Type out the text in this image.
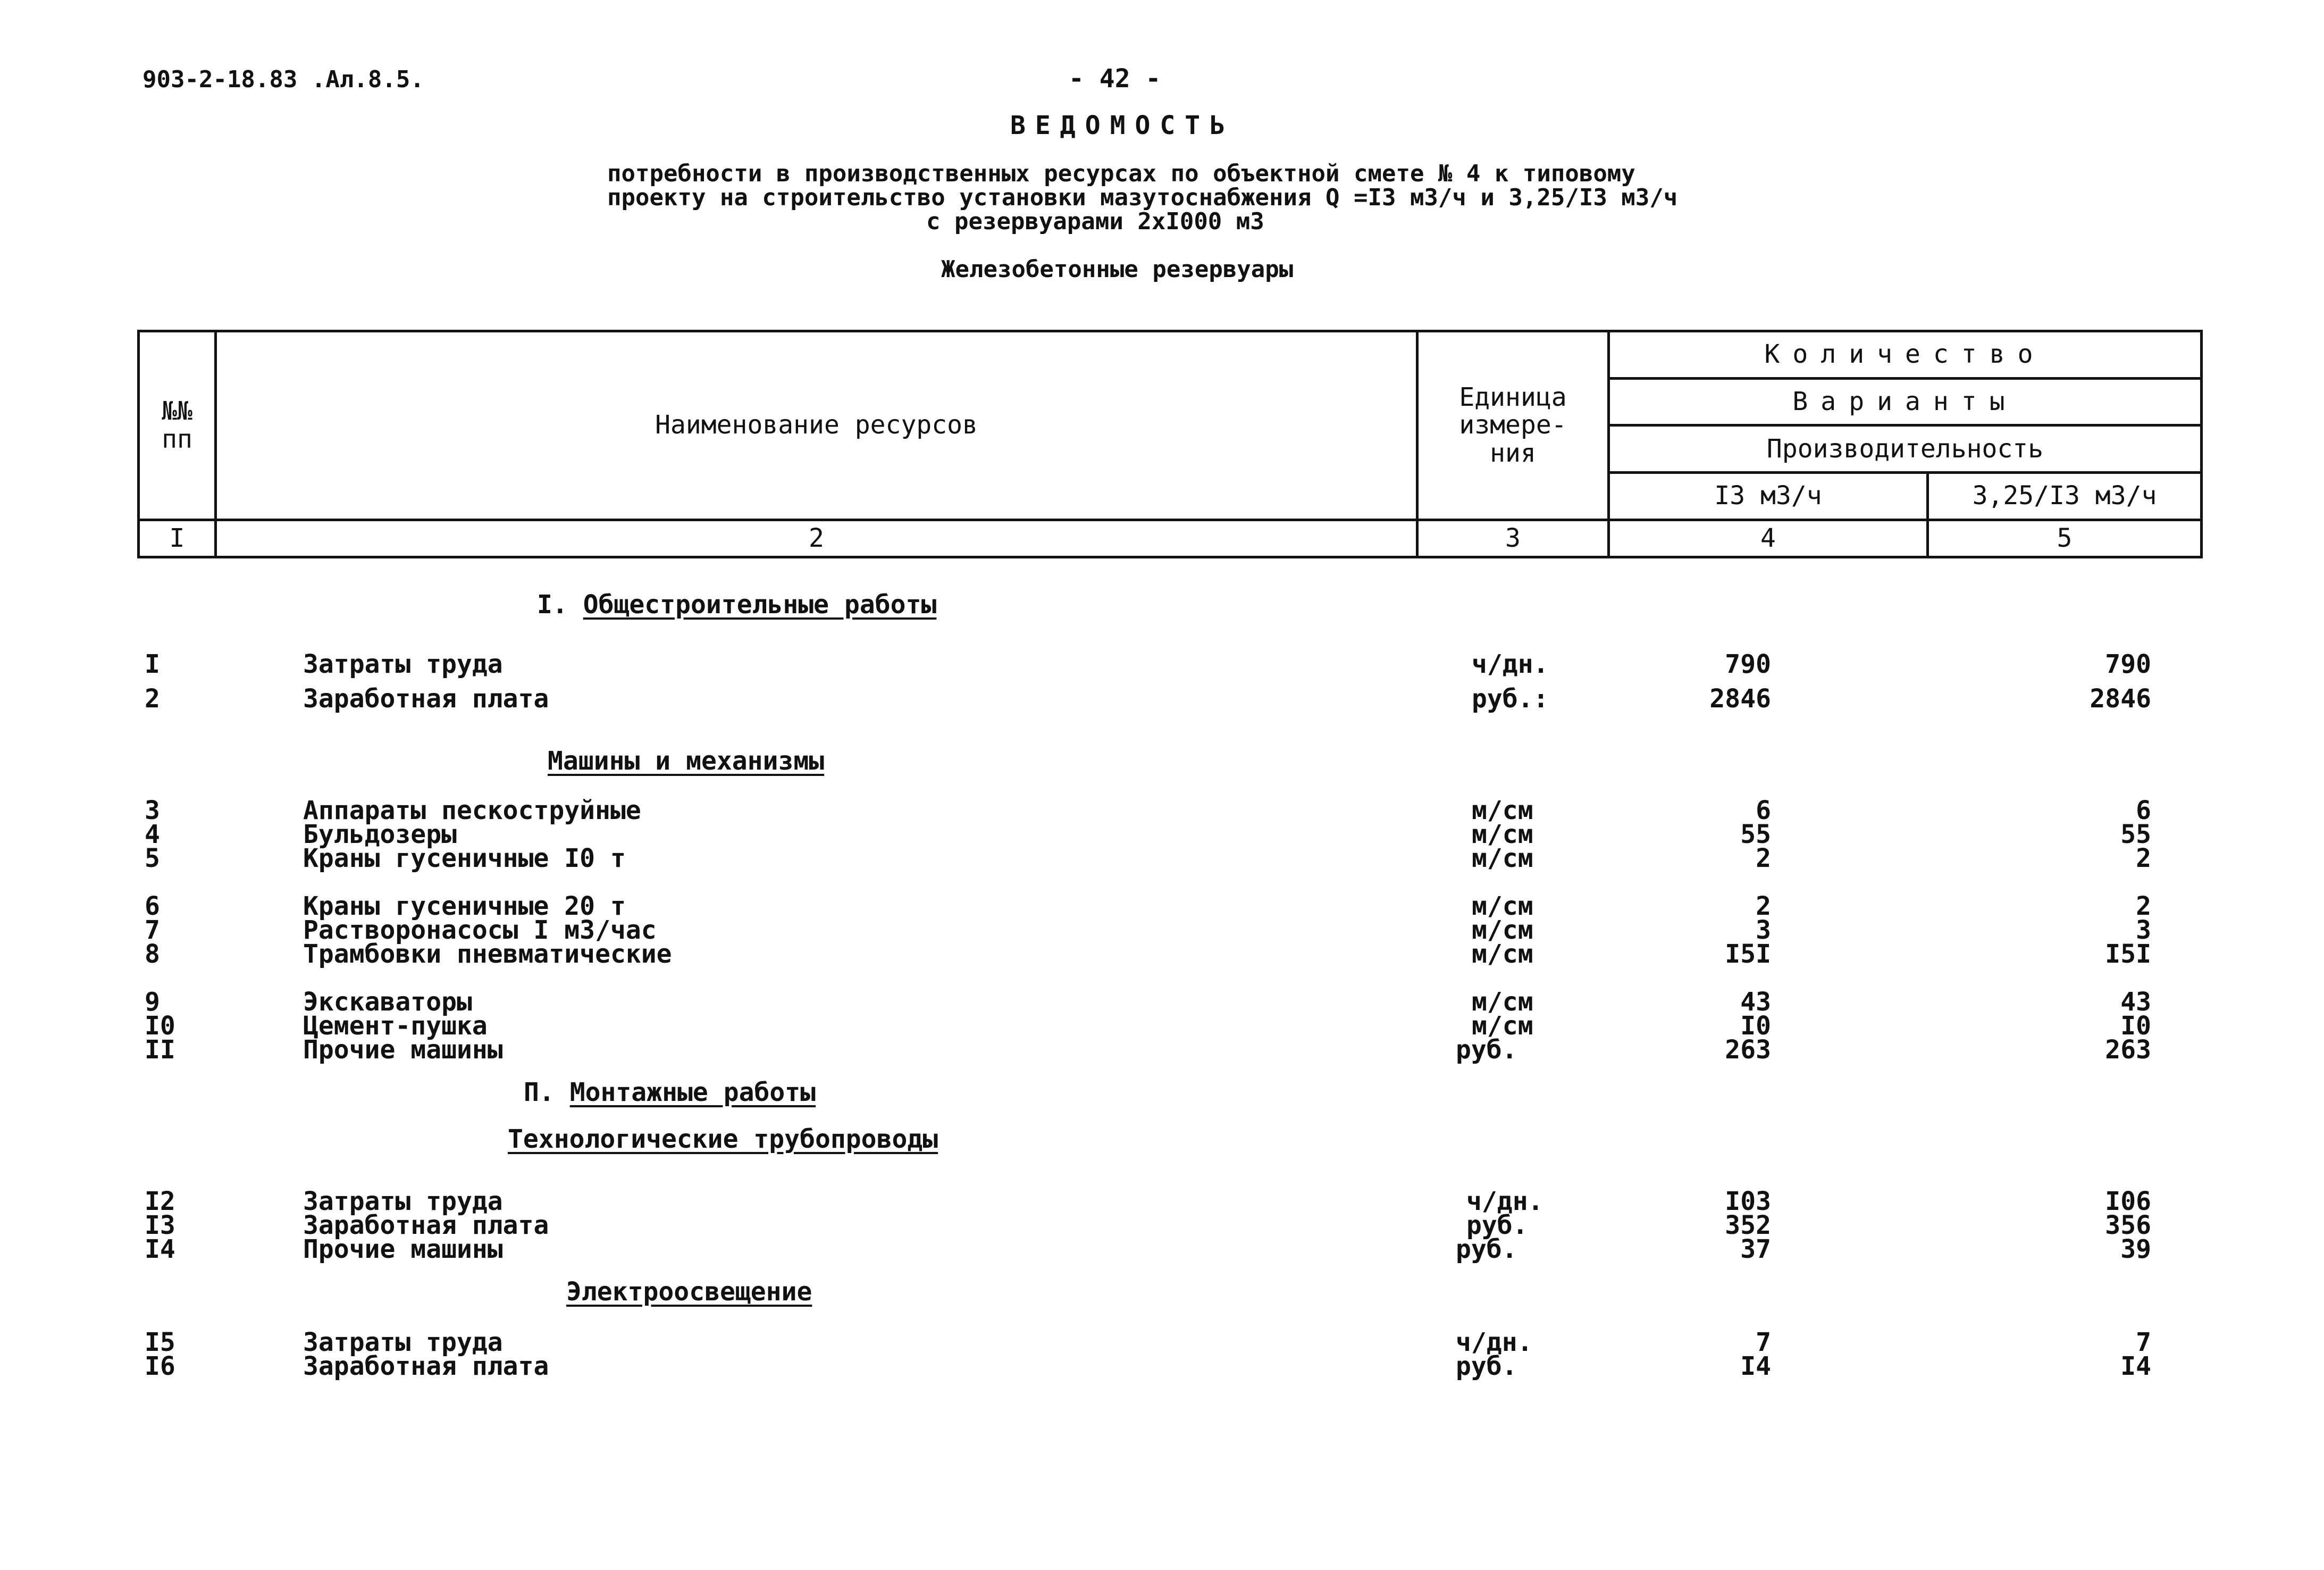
903-2-18.83 .Ал.8.5.	- 42 -
ВЕДОМОСТЬ
потребности в производственных ресурсах по объектной смете № 4 к типовому
проекту на строительство установки мазутоснабжения Q =I3 м3/ч и 3,25/I3 м3/ч
с резервуарами 2хI000 м3
Железобетонные резервуары
№№
пп	Наименование ресурсов	Единица
измере-
ния	Количество	
			Варианты	
			Производительность	
			I3 м3/ч	3,25/I3 м3/ч
I	2	3	4	5
I. Общестроительные работы
Машины и механизмы
П. Монтажные работы
Технологические трубопроводы
Электроосвещение
I	Затраты труда	ч/дн.	790	790
2	Заработная плата	руб.:	2846	2846
3	Аппараты пескоструйные	м/см	6	6
4	Бульдозеры	м/см	55	55
5	Краны гусеничные I0 т	м/см	2	2
6	Краны гусеничные 20 т	м/см	2	2
7	Растворонасосы I м3/час	м/см	3	3
8	Трамбовки пневматические	м/см	I5I	I5I
9	Экскаваторы	м/см	43	43
I0	Цемент-пушка	м/см	I0	I0
II	Прочие машины	руб.	263	263
I2	Затраты труда	ч/дн.	I03	I06
I3	Заработная плата	руб.	352	356
I4	Прочие машины	руб.	37	39
I5	Затраты труда	ч/дн.	7	7
I6	Заработная плата	руб.	I4	I4
